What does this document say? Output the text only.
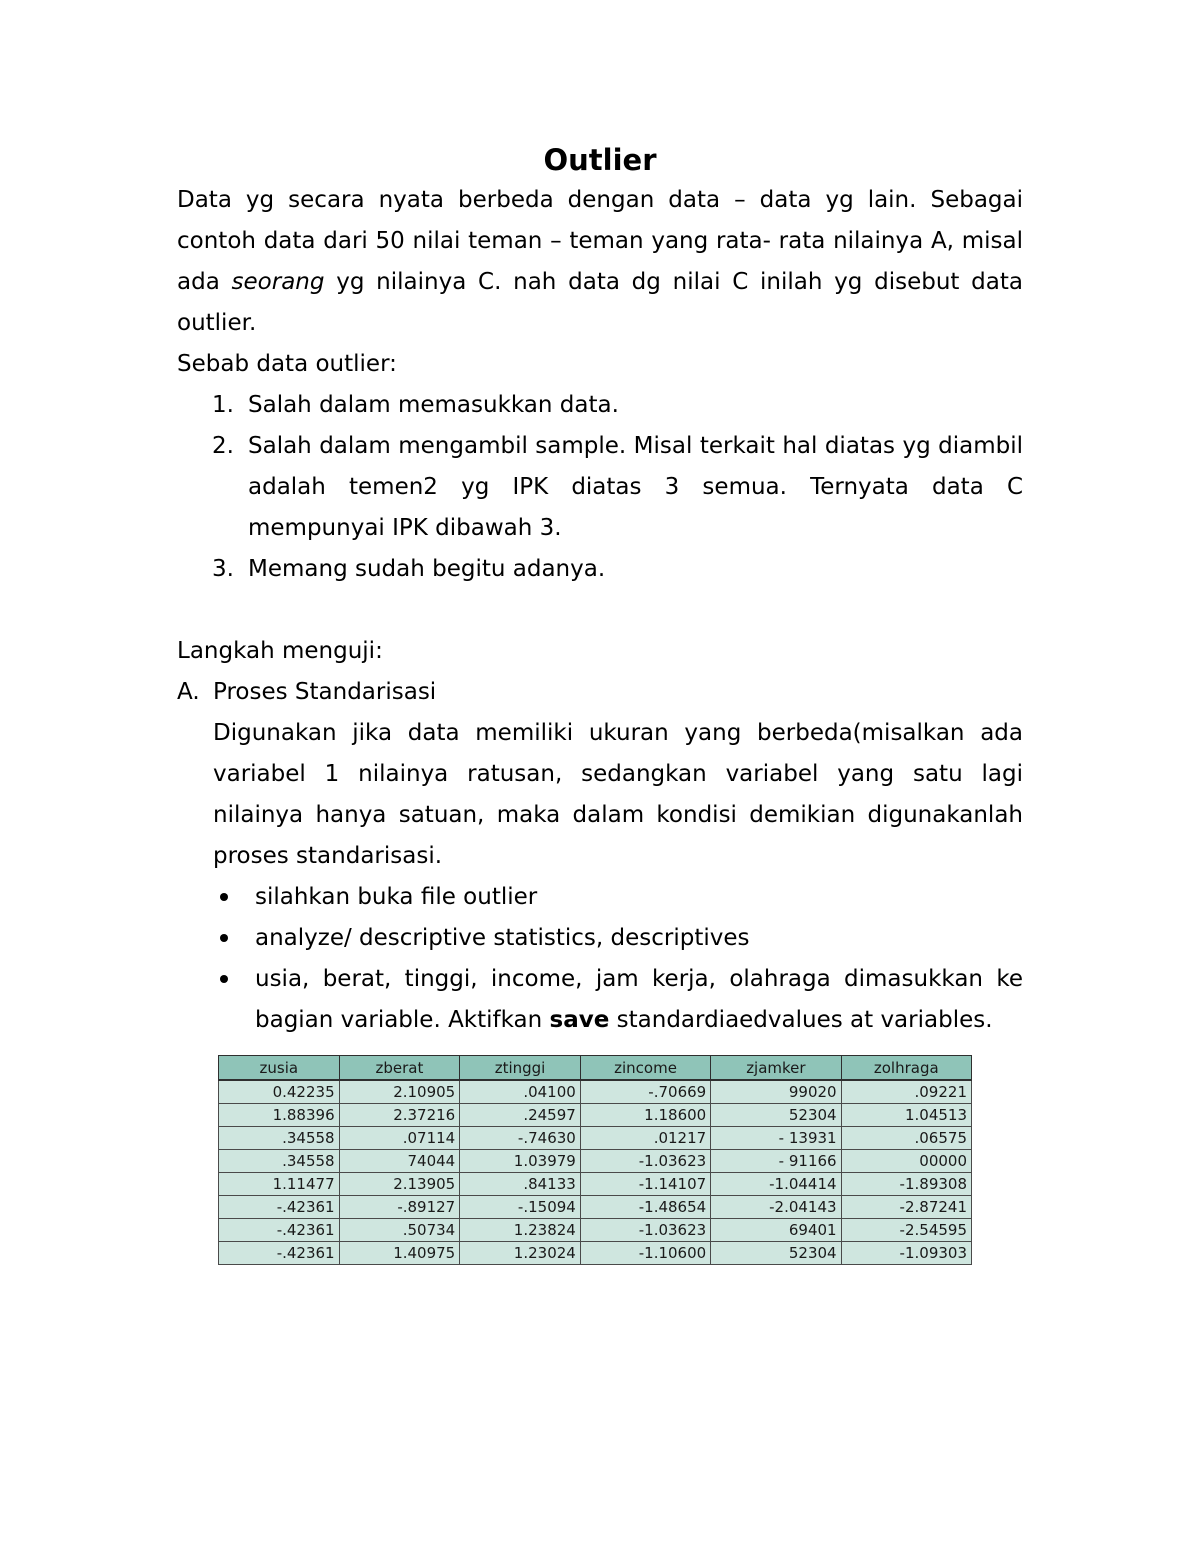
Outlier

Data yg secara nyata berbeda dengan data – data yg lain. Sebagai contoh data dari 50 nilai teman – teman yang rata- rata nilainya A, misal ada seorang yg nilainya C. nah data dg nilai C inilah yg disebut data outlier.

Sebab data outlier:

1. Salah dalam memasukkan data.
2. Salah dalam mengambil sample. Misal terkait hal diatas yg diambil adalah temen2 yg IPK diatas 3 semua. Ternyata data C mempunyai IPK dibawah 3.
3. Memang sudah begitu adanya.

Langkah menguji:

A. Proses Standarisasi

Digunakan jika data memiliki ukuran yang berbeda(misalkan ada variabel 1 nilainya ratusan, sedangkan variabel yang satu lagi nilainya hanya satuan, maka dalam kondisi demikian digunakanlah proses standarisasi.

silahkan buka file outlier
analyze/ descriptive statistics, descriptives
usia, berat, tinggi, income, jam kerja, olahraga dimasukkan ke bagian variable. Aktifkan save standardiaedvalues at variables.
zusia	zberat	ztinggi	zincome	zjamker	zolhraga
0.42235	2.10905	.04100	-.70669	99020	.09221
1.88396	2.37216	.24597	1.18600	52304	1.04513
.34558	.07114	-.74630	.01217	- 13931	.06575
.34558	74044	1.03979	-1.03623	- 91166	00000
1.11477	2.13905	.84133	-1.14107	-1.04414	-1.89308
-.42361	-.89127	-.15094	-1.48654	-2.04143	-2.87241
-.42361	.50734	1.23824	-1.03623	69401	-2.54595
-.42361	1.40975	1.23024	-1.10600	52304	-1.09303
